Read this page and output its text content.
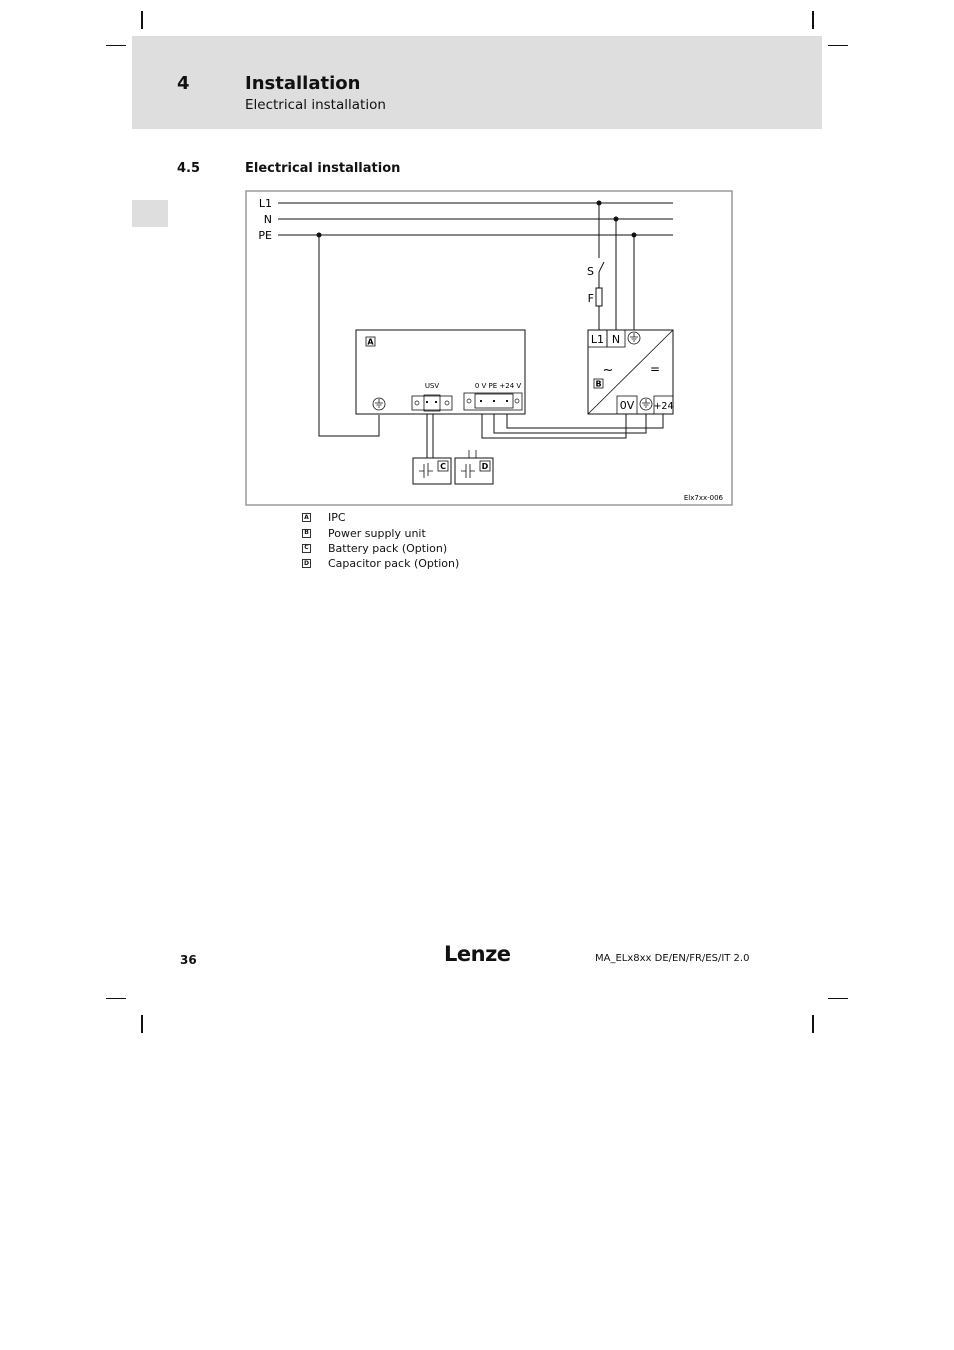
4	Installation
Electrical installation
4.5	Electrical installation
L1
N
PE
S
F
A
USV	0 V PE +24 V
L1 N
~	=
B
0V +24
C	D
Elx7xx-006
A IPC
B Power supply unit
C Battery pack (Option)
D Capacitor pack (Option)
36	Lenze	MA_ELx8xx DE/EN/FR/ES/IT 2.0
